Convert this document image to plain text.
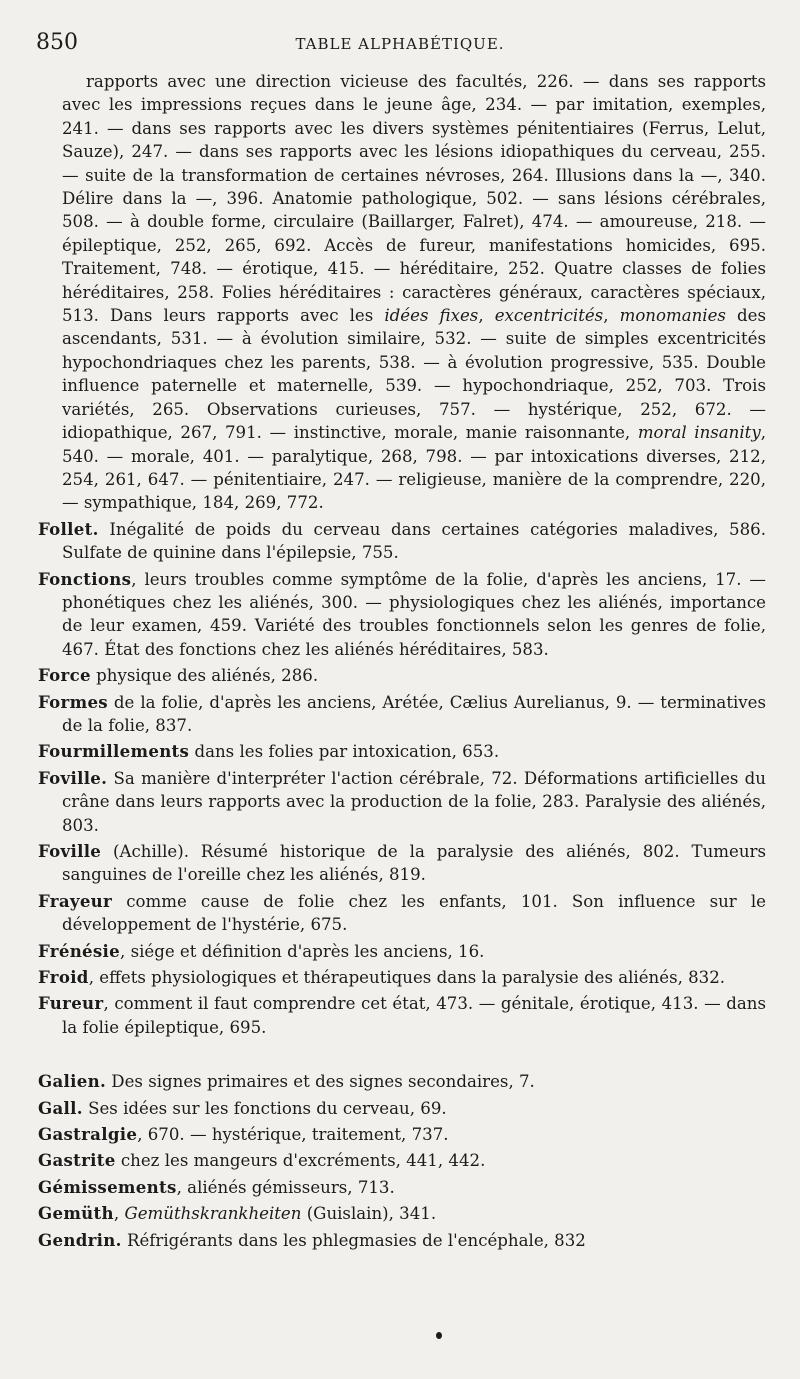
850	TABLE ALPHABÉTIQUE.

rapports avec une direction vicieuse des facultés, 226. — dans ses rapports avec les impressions reçues dans le jeune âge, 234. — par imitation, exemples, 241. — dans ses rapports avec les divers systèmes pénitentiaires (Ferrus, Lelut, Sauze), 247. — dans ses rapports avec les lésions idiopathiques du cerveau, 255. — suite de la transformation de certaines névroses, 264. Illusions dans la —, 340. Délire dans la —, 396. Anatomie pathologique, 502. — sans lésions cérébrales, 508. — à double forme, circulaire (Baillarger, Falret), 474. — amoureuse, 218. — épileptique, 252, 265, 692. Accès de fureur, manifestations homicides, 695. Traitement, 748. — érotique, 415. — héréditaire, 252. Quatre classes de folies héréditaires, 258. Folies héréditaires : caractères généraux, caractères spéciaux, 513. Dans leurs rapports avec les idées fixes, excentricités, monomanies des ascendants, 531. — à évolution similaire, 532. — suite de simples excentricités hypochondriaques chez les parents, 538. — à évolution progressive, 535. Double influence paternelle et maternelle, 539. — hypochondriaque, 252, 703. Trois variétés, 265. Observations curieuses, 757. — hystérique, 252, 672. — idiopathique, 267, 791. — instinctive, morale, manie raisonnante, moral insanity, 540. — morale, 401. — paralytique, 268, 798. — par intoxications diverses, 212, 254, 261, 647. — pénitentiaire, 247. — religieuse, manière de la comprendre, 220, — sympathique, 184, 269, 772.

Follet. Inégalité de poids du cerveau dans certaines catégories maladives, 586. Sulfate de quinine dans l'épilepsie, 755.

Fonctions, leurs troubles comme symptôme de la folie, d'après les anciens, 17. — phonétiques chez les aliénés, 300. — physiologiques chez les aliénés, importance de leur examen, 459. Variété des troubles fonctionnels selon les genres de folie, 467. État des fonctions chez les aliénés héréditaires, 583.

Force physique des aliénés, 286.

Formes de la folie, d'après les anciens, Arétée, Cælius Aurelianus, 9. — terminatives de la folie, 837.

Fourmillements dans les folies par intoxication, 653.

Foville. Sa manière d'interpréter l'action cérébrale, 72. Déformations artificielles du crâne dans leurs rapports avec la production de la folie, 283. Paralysie des aliénés, 803.

Foville (Achille). Résumé historique de la paralysie des aliénés, 802. Tumeurs sanguines de l'oreille chez les aliénés, 819.

Frayeur comme cause de folie chez les enfants, 101. Son influence sur le développement de l'hystérie, 675.

Frénésie, siége et définition d'après les anciens, 16.

Froid, effets physiologiques et thérapeutiques dans la paralysie des aliénés, 832.

Fureur, comment il faut comprendre cet état, 473. — génitale, érotique, 413. — dans la folie épileptique, 695.

Galien. Des signes primaires et des signes secondaires, 7.

Gall. Ses idées sur les fonctions du cerveau, 69.

Gastralgie, 670. — hystérique, traitement, 737.

Gastrite chez les mangeurs d'excréments, 441, 442.

Gémissements, aliénés gémisseurs, 713.

Gemüth, Gemüthskrankheiten (Guislain), 341.

Gendrin. Réfrigérants dans les phlegmasies de l'encéphale, 832
